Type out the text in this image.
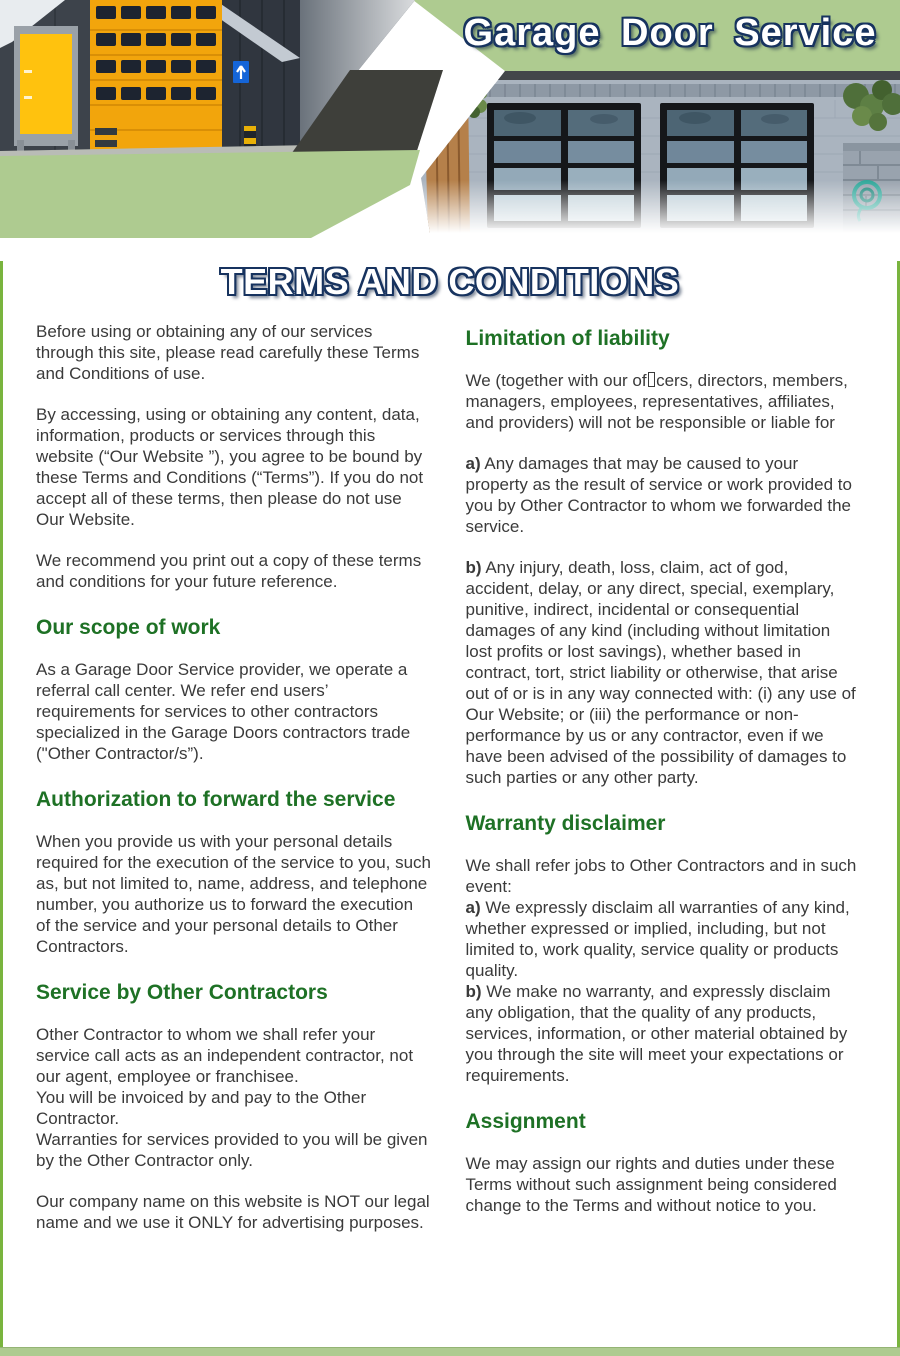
Garage Door Service
TERMS AND CONDITIONS

Before using or obtaining any of our services through this site, please read carefully these Terms and Conditions of use.

By accessing, using or obtaining any content, data, information, products or services through this website (“Our Website ”), you agree to be bound by these Terms and Conditions (“Terms”). If you do not accept all of these terms, then please do not use Our Website.

We recommend you print out a copy of these terms and conditions for your future reference.

Our scope of work

As a Garage Door Service provider, we operate a referral call center. We refer end users’ requirements for services to other contractors specialized in the Garage Doors contractors trade ("Other Contractor/s”).

Authorization to forward the service

When you provide us with your personal details required for the execution of the service to you, such as, but not limited to, name, address, and telephone number, you authorize us to forward the execution of the service and your personal details to Other Contractors.

Service by Other Contractors

Other Contractor to whom we shall refer your service call acts as an independent contractor, not our agent, employee or franchisee.
You will be invoiced by and pay to the Other Contractor.
Warranties for services provided to you will be given by the Other Contractor only.

Our company name on this website is NOT our legal name and we use it ONLY for advertising purposes.

Limitation of liability

We (together with our of cers, directors, members, managers, employees, representatives, affiliates, and providers) will not be responsible or liable for

a) Any damages that may be caused to your property as the result of service or work provided to you by Other Contractor to whom we forwarded the service.

b) Any injury, death, loss, claim, act of god, accident, delay, or any direct, special, exemplary, punitive, indirect, incidental or consequential damages of any kind (including without limitation lost profits or lost savings), whether based in contract, tort, strict liability or otherwise, that arise out of or is in any way connected with: (i) any use of Our Website; or (iii) the performance or non-performance by us or any contractor, even if we have been advised of the possibility of damages to such parties or any other party.

Warranty disclaimer

We shall refer jobs to Other Contractors and in such event:
a) We expressly disclaim all warranties of any kind, whether expressed or implied, including, but not limited to, work quality, service quality or products quality.
b) We make no warranty, and expressly disclaim any obligation, that the quality of any products, services, information, or other material obtained by you through the site will meet your expectations or requirements.

Assignment

We may assign our rights and duties under these Terms without such assignment being considered change to the Terms and without notice to you.
